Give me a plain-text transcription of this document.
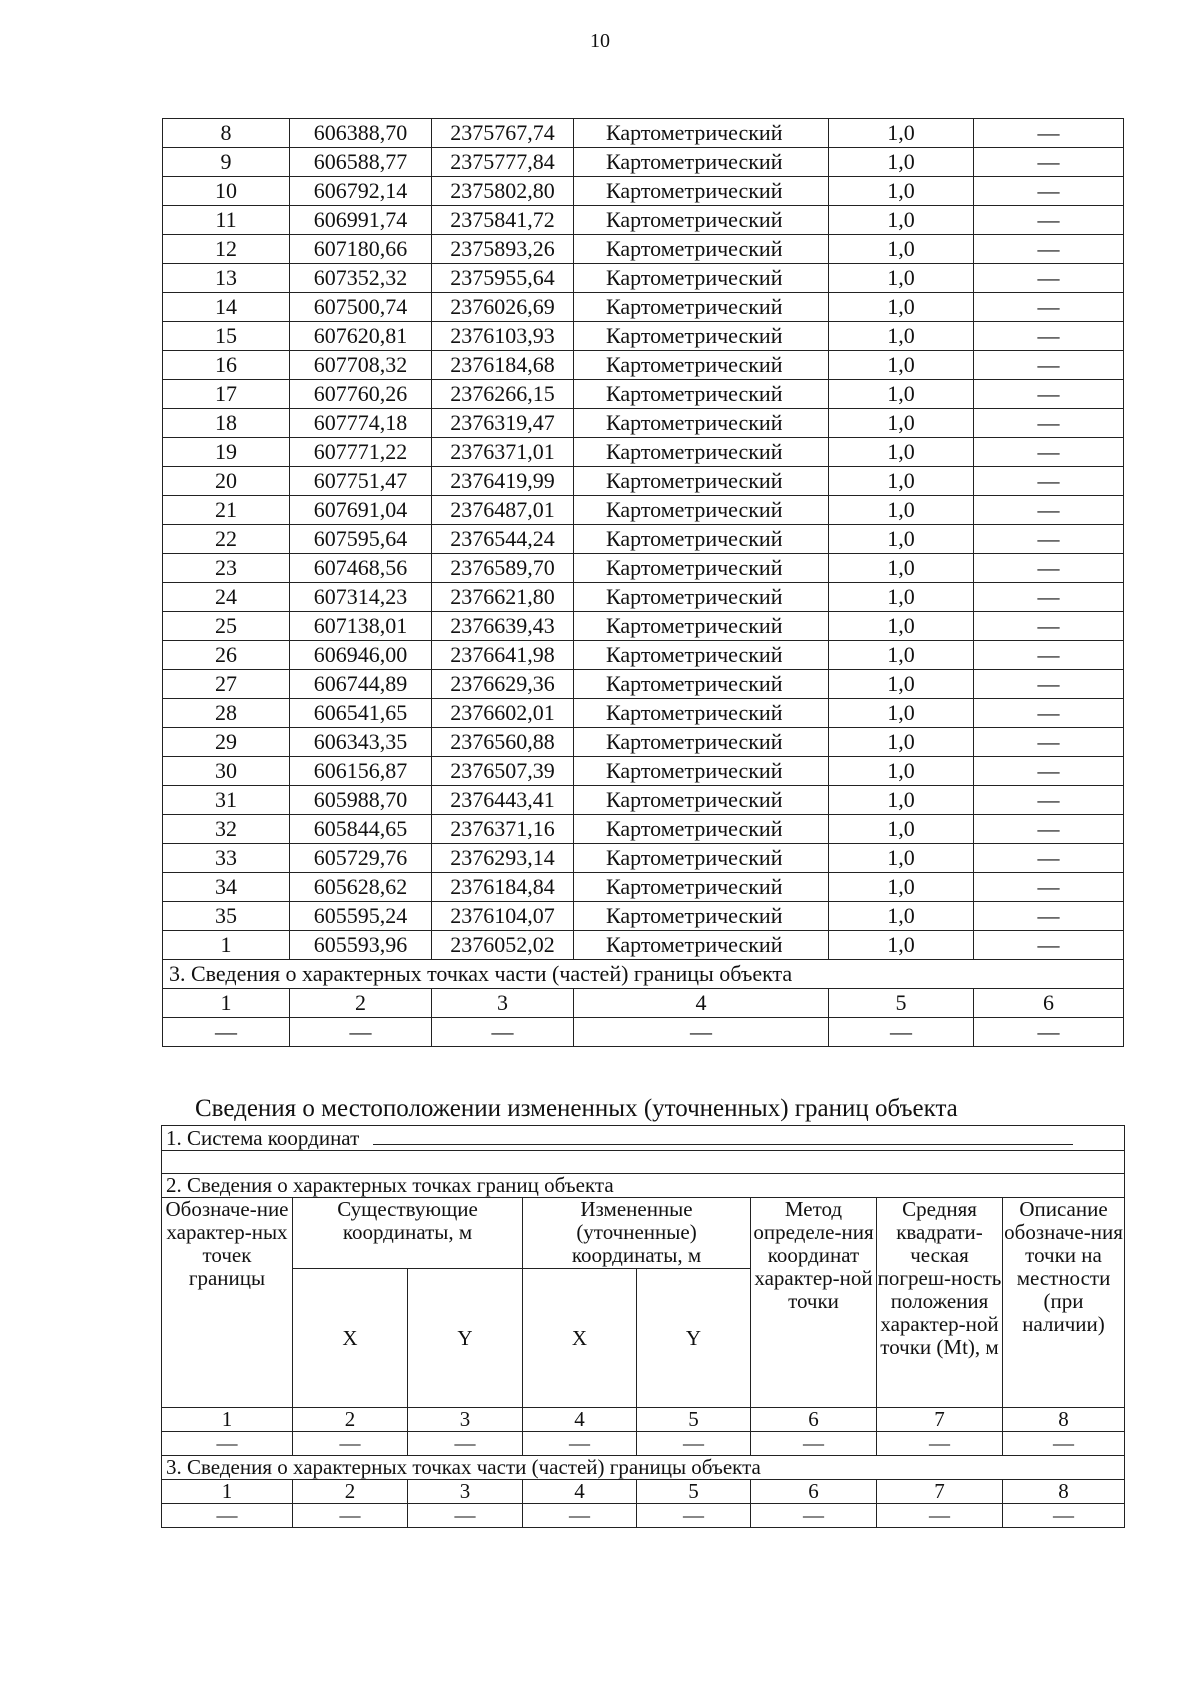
10
8	606388,70	2375767,74	Картометрический	1,0	—
9	606588,77	2375777,84	Картометрический	1,0	—
10	606792,14	2375802,80	Картометрический	1,0	—
11	606991,74	2375841,72	Картометрический	1,0	—
12	607180,66	2375893,26	Картометрический	1,0	—
13	607352,32	2375955,64	Картометрический	1,0	—
14	607500,74	2376026,69	Картометрический	1,0	—
15	607620,81	2376103,93	Картометрический	1,0	—
16	607708,32	2376184,68	Картометрический	1,0	—
17	607760,26	2376266,15	Картометрический	1,0	—
18	607774,18	2376319,47	Картометрический	1,0	—
19	607771,22	2376371,01	Картометрический	1,0	—
20	607751,47	2376419,99	Картометрический	1,0	—
21	607691,04	2376487,01	Картометрический	1,0	—
22	607595,64	2376544,24	Картометрический	1,0	—
23	607468,56	2376589,70	Картометрический	1,0	—
24	607314,23	2376621,80	Картометрический	1,0	—
25	607138,01	2376639,43	Картометрический	1,0	—
26	606946,00	2376641,98	Картометрический	1,0	—
27	606744,89	2376629,36	Картометрический	1,0	—
28	606541,65	2376602,01	Картометрический	1,0	—
29	606343,35	2376560,88	Картометрический	1,0	—
30	606156,87	2376507,39	Картометрический	1,0	—
31	605988,70	2376443,41	Картометрический	1,0	—
32	605844,65	2376371,16	Картометрический	1,0	—
33	605729,76	2376293,14	Картометрический	1,0	—
34	605628,62	2376184,84	Картометрический	1,0	—
35	605595,24	2376104,07	Картометрический	1,0	—
1	605593,96	2376052,02	Картометрический	1,0	—
3. Сведения о характерных точках части (частей) границы объекта					
1	2	3	4	5	6
—	—	—	—	—	—
Сведения о местоположении измененных (уточненных) границ объекта
1. Система координат							

2. Сведения о характерных точках границ объекта							
Обозначе-ние характер-ных точек границы	Существующие координаты, м		Измененные (уточненные) координаты, м		Метод определе-ния координат характер-ной точки	Средняя квадрати-ческая погреш-ность положения характер-ной точки (Mt), м	Описание обозначе-ния точки на местности (при наличии)
	X	Y	X	Y			
1	2	3	4	5	6	7	8
—	—	—	—	—	—	—	—
3. Сведения о характерных точках части (частей) границы объекта							
1	2	3	4	5	6	7	8
—	—	—	—	—	—	—	—
